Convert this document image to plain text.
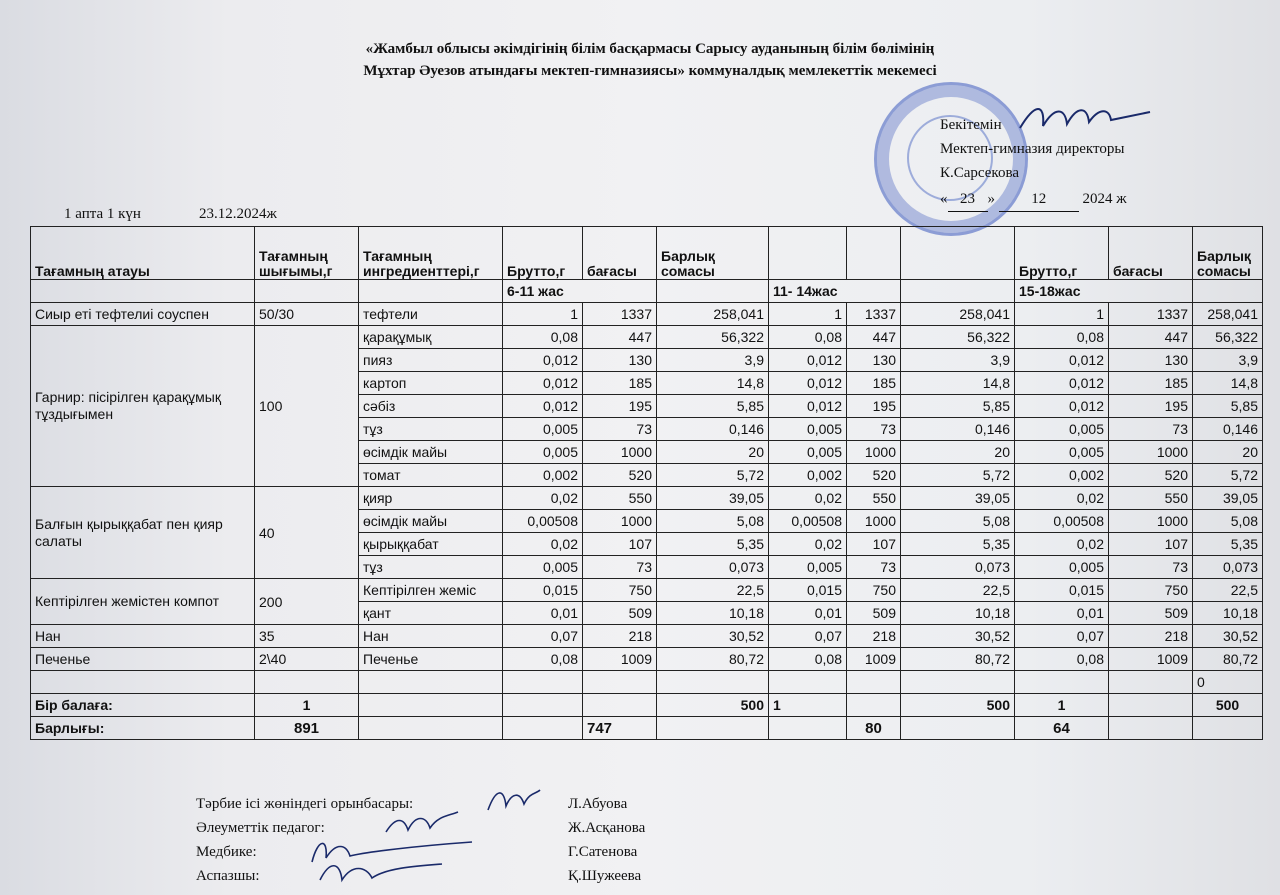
«Жамбыл облысы әкімдігінің білім басқармасы Сарысу ауданының білім бөлімінің
Мұхтар Әуезов атындағы мектеп-гимназиясы» коммуналдық мемлекеттік мекемесі
Бекітемін
Мектеп-гимназия директоры
К.Сарсекова
« 23 » 12 2024 ж
1 апта 1 күн	23.12.2024ж
Тағамның атауы	Тағамның шығымы,г	Тағамның ингредиенттері,г	Брутто,г	бағасы	Барлық сомасы				Брутто,г	бағасы	Барлық сомасы
			6-11 жас			11- 14жас			15-18жас		
Сиыр еті тефтелиі соуспен	50/30	тефтели	1	1337	258,041	1	1337	258,041	1	1337	258,041
Гарнир: пісірілген қарақұмық тұздығымен	100	қарақұмық	0,08	447	56,322	0,08	447	56,322	0,08	447	56,322
		пияз	0,012	130	3,9	0,012	130	3,9	0,012	130	3,9
		картоп	0,012	185	14,8	0,012	185	14,8	0,012	185	14,8
		сәбіз	0,012	195	5,85	0,012	195	5,85	0,012	195	5,85
		тұз	0,005	73	0,146	0,005	73	0,146	0,005	73	0,146
		өсімдік майы	0,005	1000	20	0,005	1000	20	0,005	1000	20
		томат	0,002	520	5,72	0,002	520	5,72	0,002	520	5,72
Балғын қырыққабат пен қияр салаты	40	қияр	0,02	550	39,05	0,02	550	39,05	0,02	550	39,05
		өсімдік майы	0,00508	1000	5,08	0,00508	1000	5,08	0,00508	1000	5,08
		қырыққабат	0,02	107	5,35	0,02	107	5,35	0,02	107	5,35
		тұз	0,005	73	0,073	0,005	73	0,073	0,005	73	0,073
Кептірілген жемістен компот	200	Кептірілген жеміс	0,015	750	22,5	0,015	750	22,5	0,015	750	22,5
		қант	0,01	509	10,18	0,01	509	10,18	0,01	509	10,18
Нан	35	Нан	0,07	218	30,52	0,07	218	30,52	0,07	218	30,52
Печенье	2\40	Печенье	0,08	1009	80,72	0,08	1009	80,72	0,08	1009	80,72
											0
Бір балаға:	1				500	1		500	1		500
Барлығы:	891			747			80		64		
Тәрбие ісі жөніндегі орынбасары:	Л.Абуова
Әлеуметтік педагог:	Ж.Асқанова
Медбике:	Г.Сатенова
Аспазшы:	Қ.Шужеева
